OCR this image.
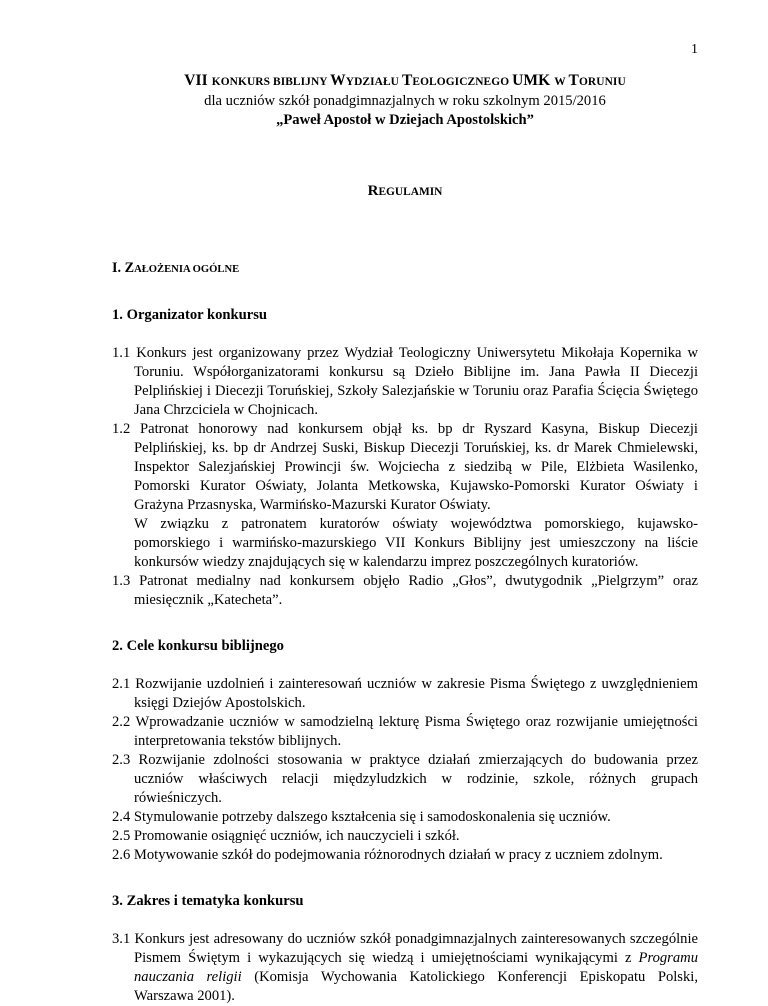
1

VII KONKURS BIBLIJNY WYDZIAŁU TEOLOGICZNEGO UMK W TORUNIU

dla uczniów szkół ponadgimnazjalnych w roku szkolnym 2015/2016

„Paweł Apostoł w Dziejach Apostolskich”

REGULAMIN

I. ZAŁOŻENIA OGÓLNE

1. Organizator konkursu

1.1 Konkurs jest organizowany przez Wydział Teologiczny Uniwersytetu Mikołaja Kopernika w Toruniu. Współorganizatorami konkursu są Dzieło Biblijne im. Jana Pawła II Diecezji Pelplińskiej i Diecezji Toruńskiej, Szkoły Salezjańskie w Toruniu oraz Parafia Ścięcia Świętego Jana Chrzciciela w Chojnicach.

1.2 Patronat honorowy nad konkursem objął ks. bp dr Ryszard Kasyna, Biskup Diecezji Pelplińskiej, ks. bp dr Andrzej Suski, Biskup Diecezji Toruńskiej, ks. dr Marek Chmielewski, Inspektor Salezjańskiej Prowincji św. Wojciecha z siedzibą w Pile, Elżbieta Wasilenko, Pomorski Kurator Oświaty, Jolanta Metkowska, Kujawsko-Pomorski Kurator Oświaty i Grażyna Przasnyska, Warmińsko-Mazurski Kurator Oświaty.

W związku z patronatem kuratorów oświaty województwa pomorskiego, kujawsko-pomorskiego i warmińsko-mazurskiego VII Konkurs Biblijny jest umieszczony na liście konkursów wiedzy znajdujących się w kalendarzu imprez poszczególnych kuratoriów.

1.3 Patronat medialny nad konkursem objęło Radio „Głos”, dwutygodnik „Pielgrzym” oraz miesięcznik „Katecheta”.

2. Cele konkursu biblijnego

2.1 Rozwijanie uzdolnień i zainteresowań uczniów w zakresie Pisma Świętego z uwzględnieniem księgi Dziejów Apostolskich.

2.2 Wprowadzanie uczniów w samodzielną lekturę Pisma Świętego oraz rozwijanie umiejętności interpretowania tekstów biblijnych.

2.3 Rozwijanie zdolności stosowania w praktyce działań zmierzających do budowania przez uczniów właściwych relacji międzyludzkich w rodzinie, szkole, różnych grupach rówieśniczych.

2.4 Stymulowanie potrzeby dalszego kształcenia się i samodoskonalenia się uczniów.

2.5 Promowanie osiągnięć uczniów, ich nauczycieli i szkół.

2.6 Motywowanie szkół do podejmowania różnorodnych działań w pracy z uczniem zdolnym.

3. Zakres i tematyka konkursu

3.1 Konkurs jest adresowany do uczniów szkół ponadgimnazjalnych zainteresowanych szczególnie Pismem Świętym i wykazujących się wiedzą i umiejętnościami wynikającymi z Programu nauczania religii (Komisja Wychowania Katolickiego Konferencji Episkopatu Polski, Warszawa 2001).
